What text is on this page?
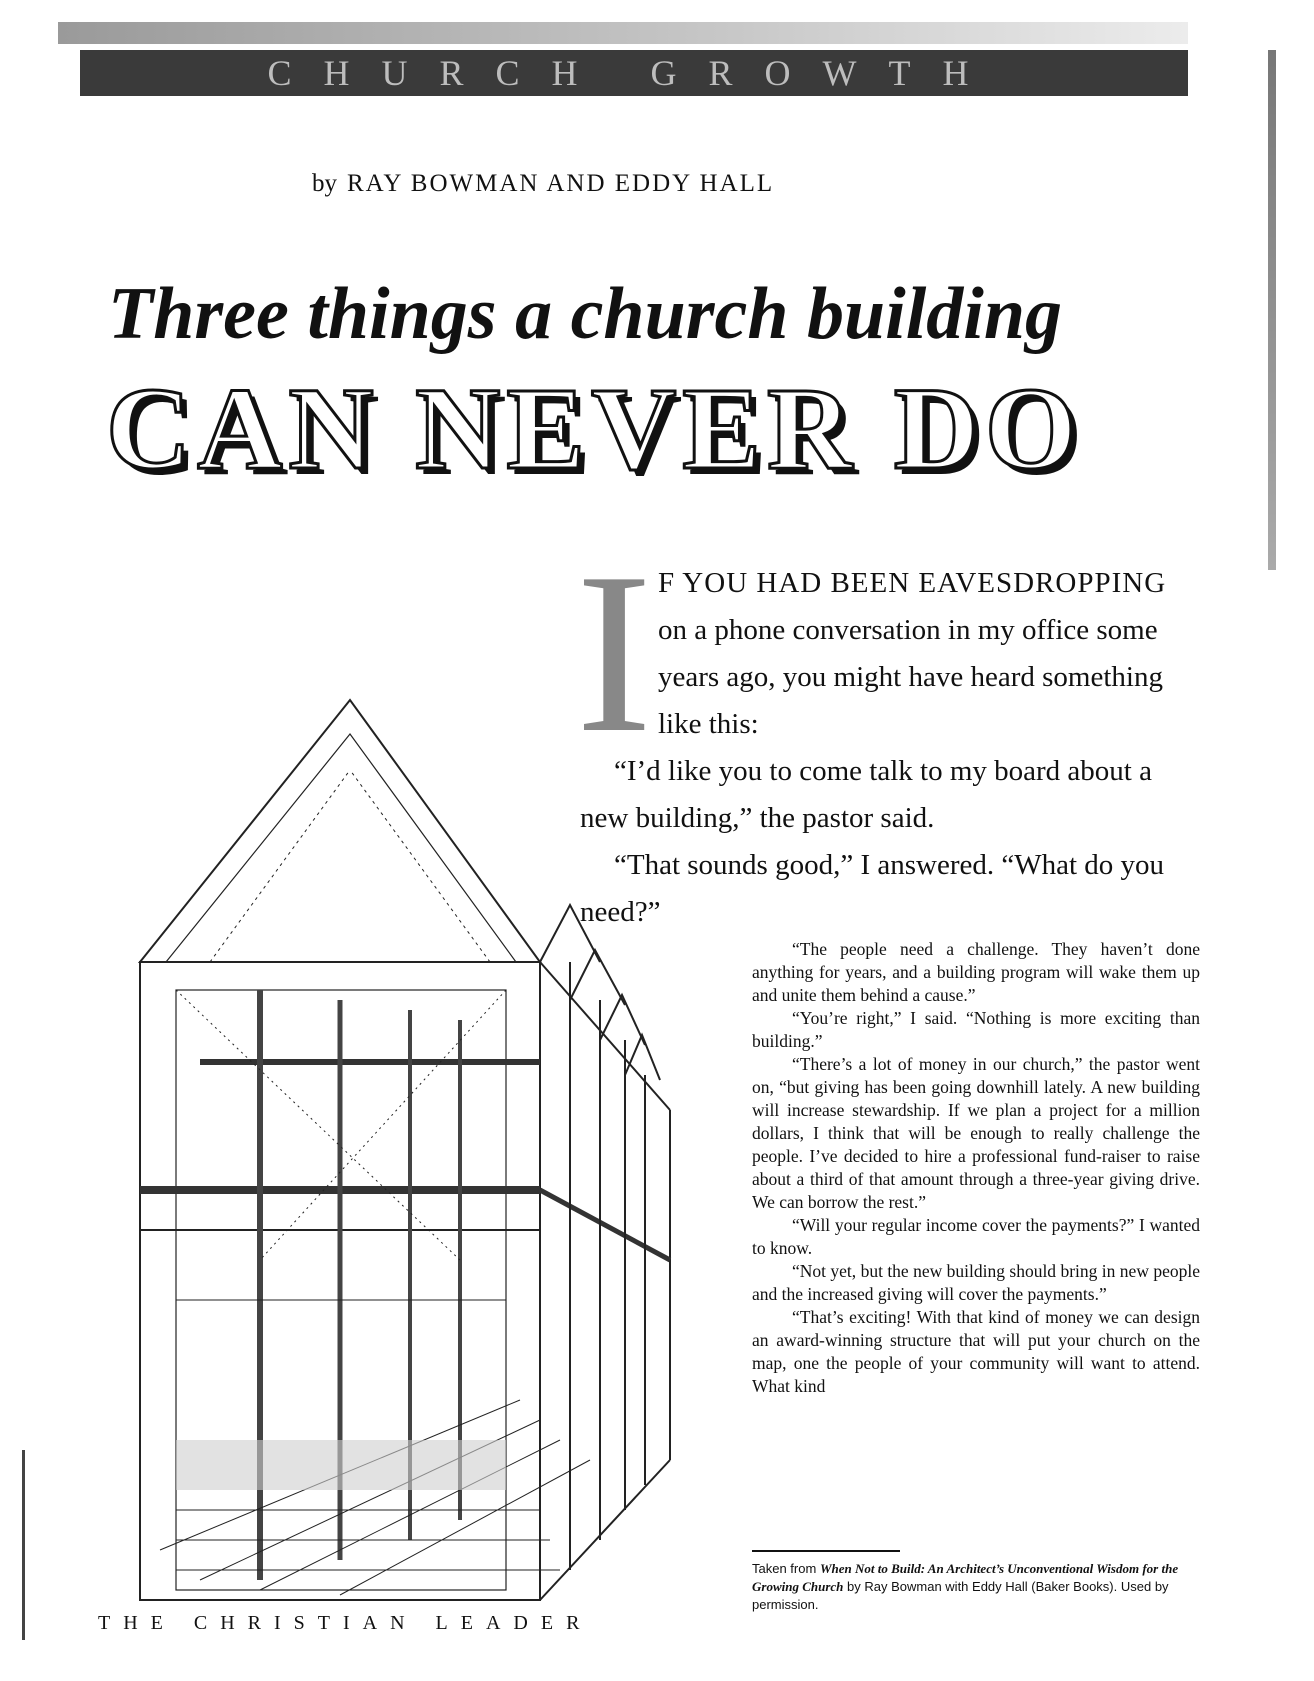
CHURCH GROWTH
by RAY BOWMAN AND EDDY HALL
Three things a church building
CAN NEVER DO
I F YOU HAD BEEN EAVESDROPPING on a phone conversation in my office some years ago, you might have heard something like this:

“I’d like you to come talk to my board about a new building,” the pastor said.

“That sounds good,” I answered. “What do you need?”

“The people need a challenge. They haven’t done anything for years, and a building program will wake them up and unite them behind a cause.”

“You’re right,” I said. “Nothing is more exciting than building.”

“There’s a lot of money in our church,” the pastor went on, “but giving has been going downhill lately. A new building will increase stewardship. If we plan a project for a million dollars, I think that will be enough to really challenge the people. I’ve decided to hire a professional fund-raiser to raise about a third of that amount through a three-year giving drive. We can borrow the rest.”

“Will your regular income cover the payments?” I wanted to know.

“Not yet, but the new building should bring in new people and the increased giving will cover the payments.”

“That’s exciting! With that kind of money we can design an award-winning structure that will put your church on the map, one the people of your community will want to attend. What kind

Taken from When Not to Build: An Architect’s Unconventional Wisdom for the Growing Church by Ray Bowman with Eddy Hall (Baker Books). Used by permission.
THE CHRISTIAN LEADER
